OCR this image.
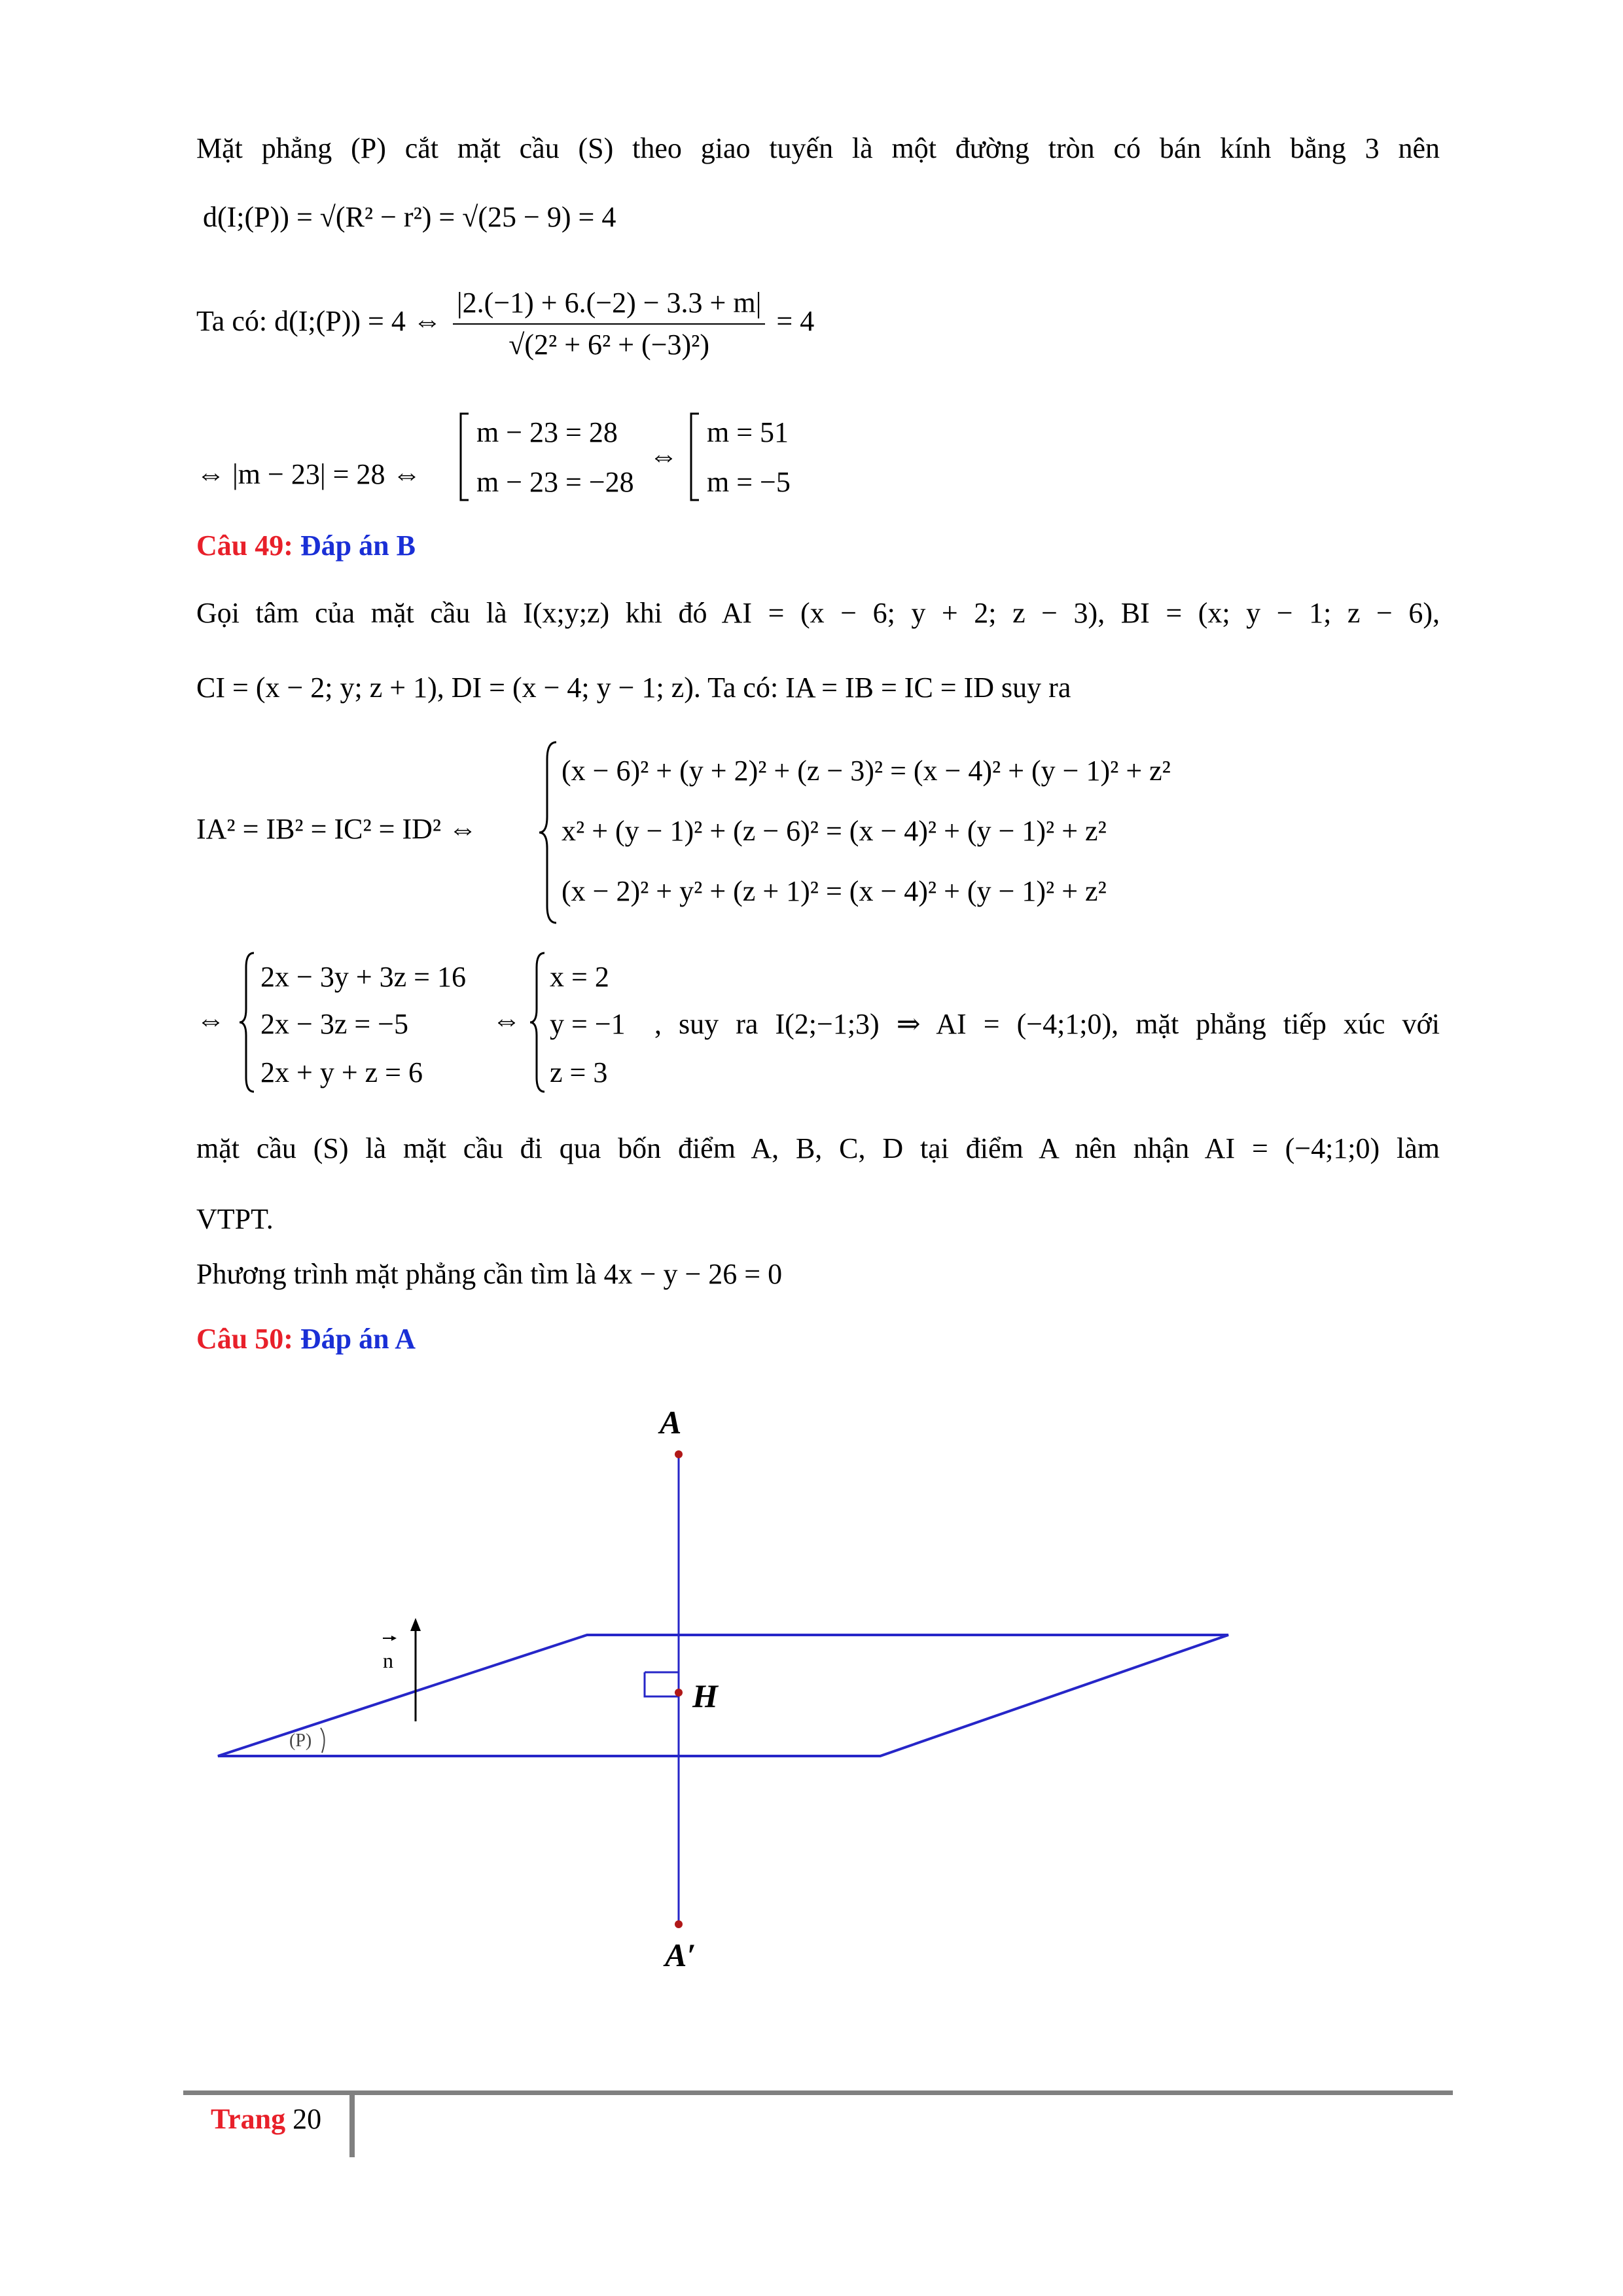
Mặt phẳng (P) cắt mặt cầu (S) theo giao tuyến là một đường tròn có bán kính bằng 3 nên
d(I;(P)) = √(R² − r²) = √(25 − 9) = 4
Ta có: d(I;(P)) = 4 ⇔ $\frac{|2.(-1) + 6.(-2) - 3.3 + m|}{\text{√(2² + 6² + (−3)²)}} = 4$
⇔ |m − 23| = 28 ⇔
m − 23 = 28
m − 23 = −28
⇔
m = 51
m = −5
Câu 49: Đáp án B
Gọi tâm của mặt cầu là I(x;y;z) khi đó AI = (x − 6; y + 2; z − 3), BI = (x; y − 1; z − 6),
CI = (x − 2; y; z + 1), DI = (x − 4; y − 1; z). Ta có: IA = IB = IC = ID suy ra
IA² = IB² = IC² = ID² ⇔
(x − 6)² + (y + 2)² + (z − 3)² = (x − 4)² + (y − 1)² + z²
x² + (y − 1)² + (z − 6)² = (x − 4)² + (y − 1)² + z²
(x − 2)² + y² + (z + 1)² = (x − 4)² + (y − 1)² + z²
⇔
2x − 3y + 3z = 16
2x − 3z = −5
2x + y + z = 6
⇔
x = 2
y = −1
z = 3
, suy ra I(2;−1;3) ⇒ AI = (−4;1;0), mặt phẳng tiếp xúc với
mặt cầu (S) là mặt cầu đi qua bốn điểm A, B, C, D tại điểm A nên nhận AI = (−4;1;0) làm
VTPT.
Phương trình mặt phẳng cần tìm là 4x − y − 26 = 0
Câu 50: Đáp án A
A
H
A′
n
(P)
Trang 20
